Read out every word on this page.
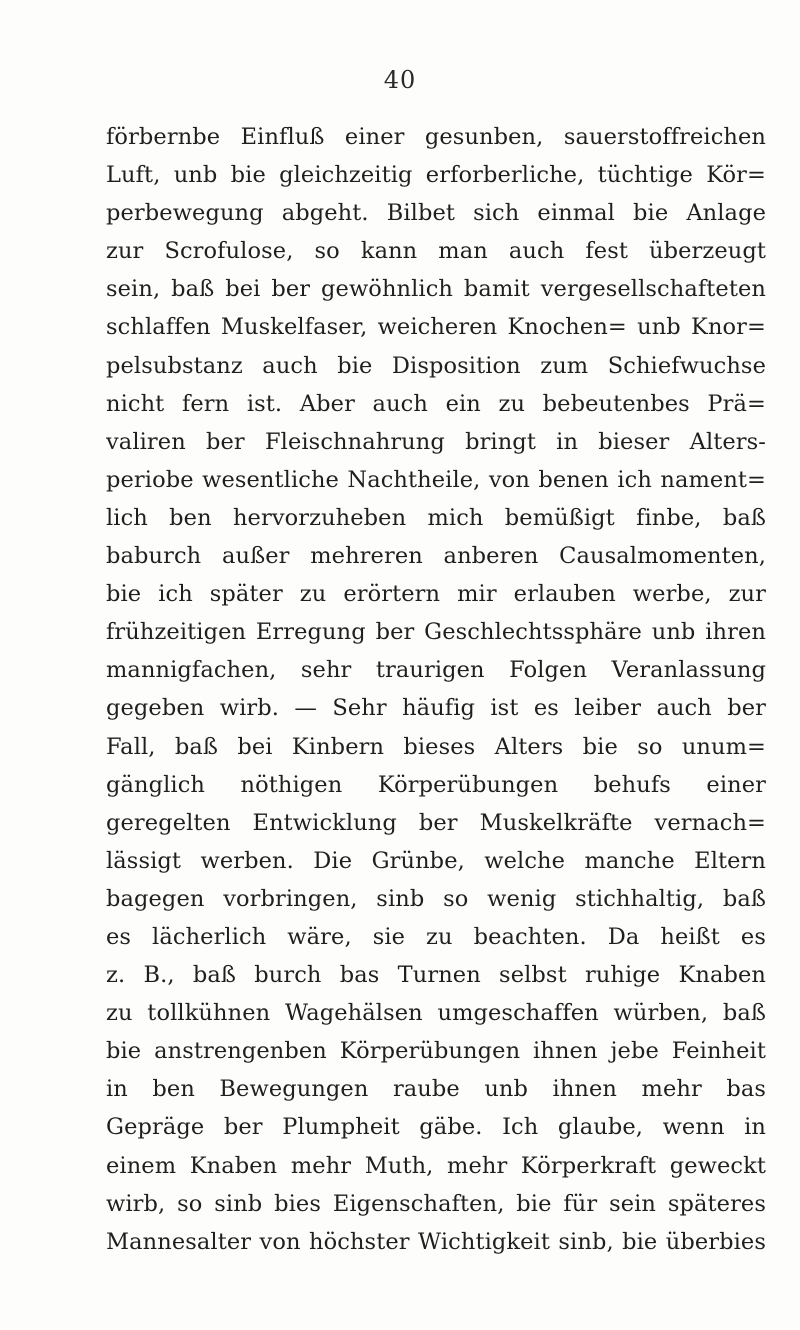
40
förbernbe Einfluß einer gesunben, sauerstoffreichen
Luft, unb bie gleichzeitig erforberliche, tüchtige Kör=
perbewegung abgeht. Bilbet sich einmal bie Anlage
zur Scrofulose, so kann man auch fest überzeugt
sein, baß bei ber gewöhnlich bamit vergesellschafteten
schlaffen Muskelfaser, weicheren Knochen= unb Knor=
pelsubstanz auch bie Disposition zum Schiefwuchse
nicht fern ist. Aber auch ein zu bebeutenbes Prä=
valiren ber Fleischnahrung bringt in bieser Alters-
periobe wesentliche Nachtheile, von benen ich nament=
lich ben hervorzuheben mich bemüßigt finbe, baß
baburch außer mehreren anberen Causalmomenten,
bie ich später zu erörtern mir erlauben werbe, zur
frühzeitigen Erregung ber Geschlechtssphäre unb ihren
mannigfachen, sehr traurigen Folgen Veranlassung
gegeben wirb. — Sehr häufig ist es leiber auch ber
Fall, baß bei Kinbern bieses Alters bie so unum=
gänglich nöthigen Körperübungen behufs einer
geregelten Entwicklung ber Muskelkräfte vernach=
lässigt werben. Die Grünbe, welche manche Eltern
bagegen vorbringen, sinb so wenig stichhaltig, baß
es lächerlich wäre, sie zu beachten. Da heißt es
z. B., baß burch bas Turnen selbst ruhige Knaben
zu tollkühnen Wagehälsen umgeschaffen würben, baß
bie anstrengenben Körperübungen ihnen jebe Feinheit
in ben Bewegungen raube unb ihnen mehr bas
Gepräge ber Plumpheit gäbe. Ich glaube, wenn in
einem Knaben mehr Muth, mehr Körperkraft geweckt
wirb, so sinb bies Eigenschaften, bie für sein späteres
Mannesalter von höchster Wichtigkeit sinb, bie überbies
